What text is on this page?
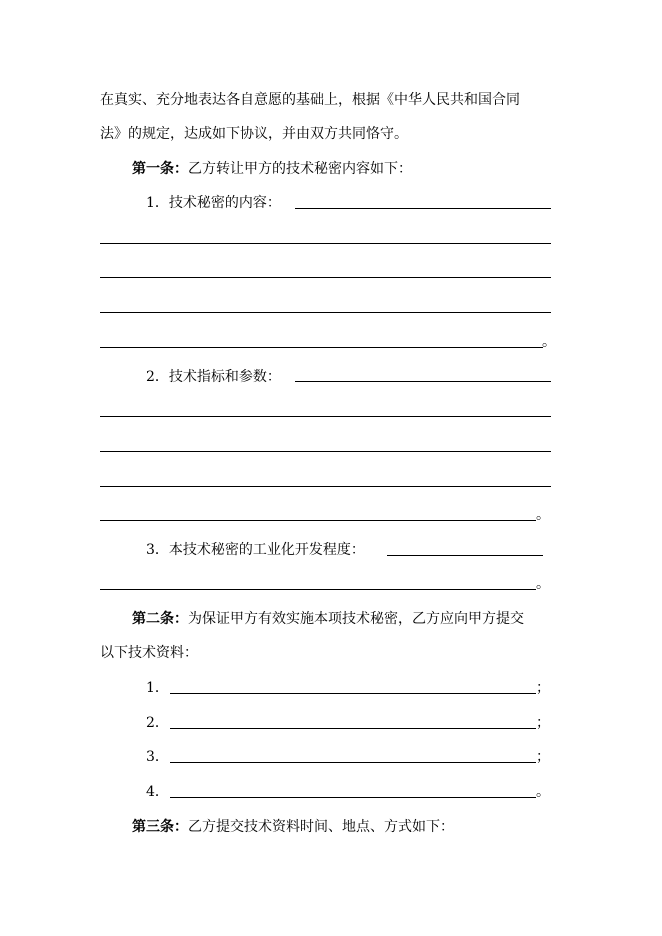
在真实、充分地表达各自意愿的基础上，根据《中华人民共和国合同
法》的规定，达成如下协议，并由双方共同恪守。
第一条：乙方转让甲方的技术秘密内容如下：
1．技术秘密的内容：
。
2．技术指标和参数：
。
3．本技术秘密的工业化开发程度：
。
第二条：为保证甲方有效实施本项技术秘密，乙方应向甲方提交
以下技术资料：
1．	；
2．	；
3．	；
4．	。
第三条：乙方提交技术资料时间、地点、方式如下：
